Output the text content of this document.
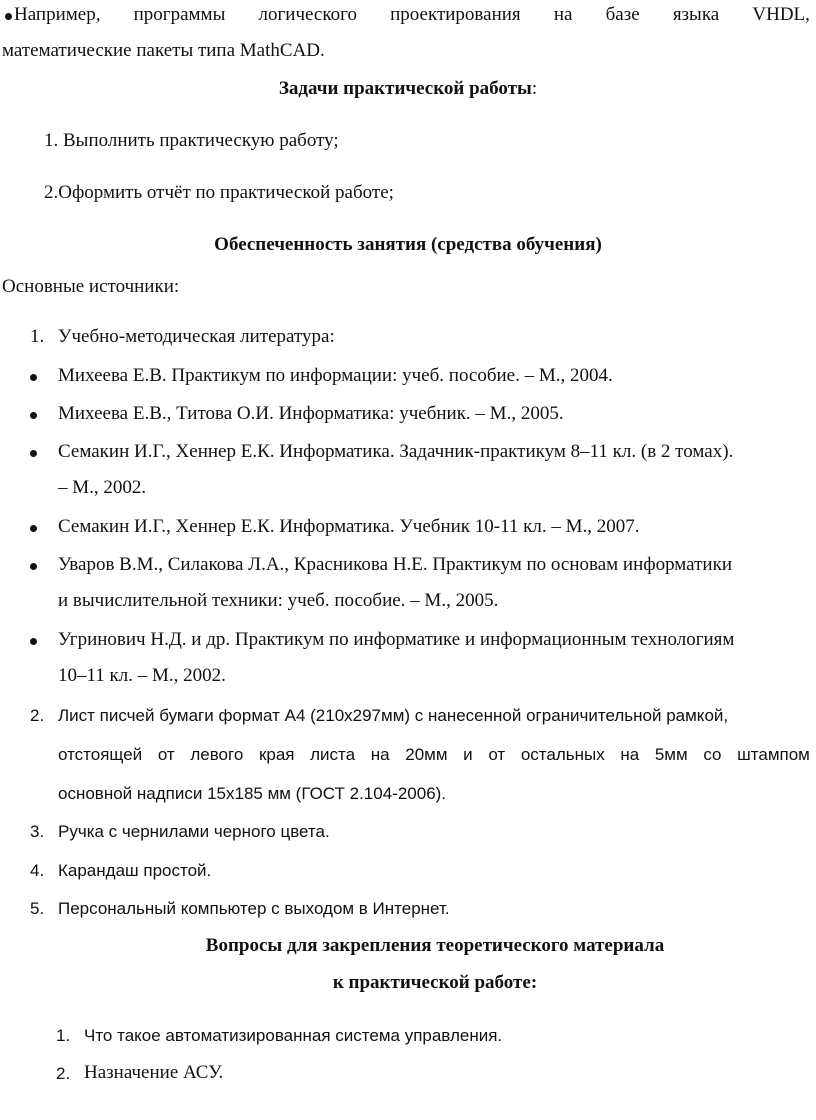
Например, программы логического проектирования на базе языка VHDL,
математические пакеты типа MathCAD.
Задачи практической работы:
1. Выполнить практическую работу;
2.Оформить отчёт по практической работе;
Обеспеченность занятия (средства обучения)
Основные источники:
1. Учебно-методическая литература:
Михеева Е.В. Практикум по информации: учеб. пособие. – М., 2004.
Михеева Е.В., Титова О.И. Информатика: учебник. – М., 2005.
Семакин И.Г., Хеннер Е.К. Информатика. Задачник-практикум 8–11 кл. (в 2 томах).
– М., 2002.
Семакин И.Г., Хеннер Е.К. Информатика. Учебник 10-11 кл. – М., 2007.
Уваров В.М., Силакова Л.А., Красникова Н.Е. Практикум по основам информатики
и вычислительной техники: учеб. пособие. – М., 2005.
Угринович Н.Д. и др. Практикум по информатике и информационным технологиям
10–11 кл. – М., 2002.
2. Лист писчей бумаги формат А4 (210х297мм) с нанесенной ограничительной рамкой,
отстоящей от левого края листа на 20мм и от остальных на 5мм со штампом
основной надписи 15х185 мм (ГОСТ 2.104-2006).
3. Ручка с чернилами черного цвета.
4. Карандаш простой.
5. Персональный компьютер с выходом в Интернет.
Вопросы для закрепления теоретического материала
к практической работе:
1. Что такое автоматизированная система управления.
2. Назначение АСУ.
